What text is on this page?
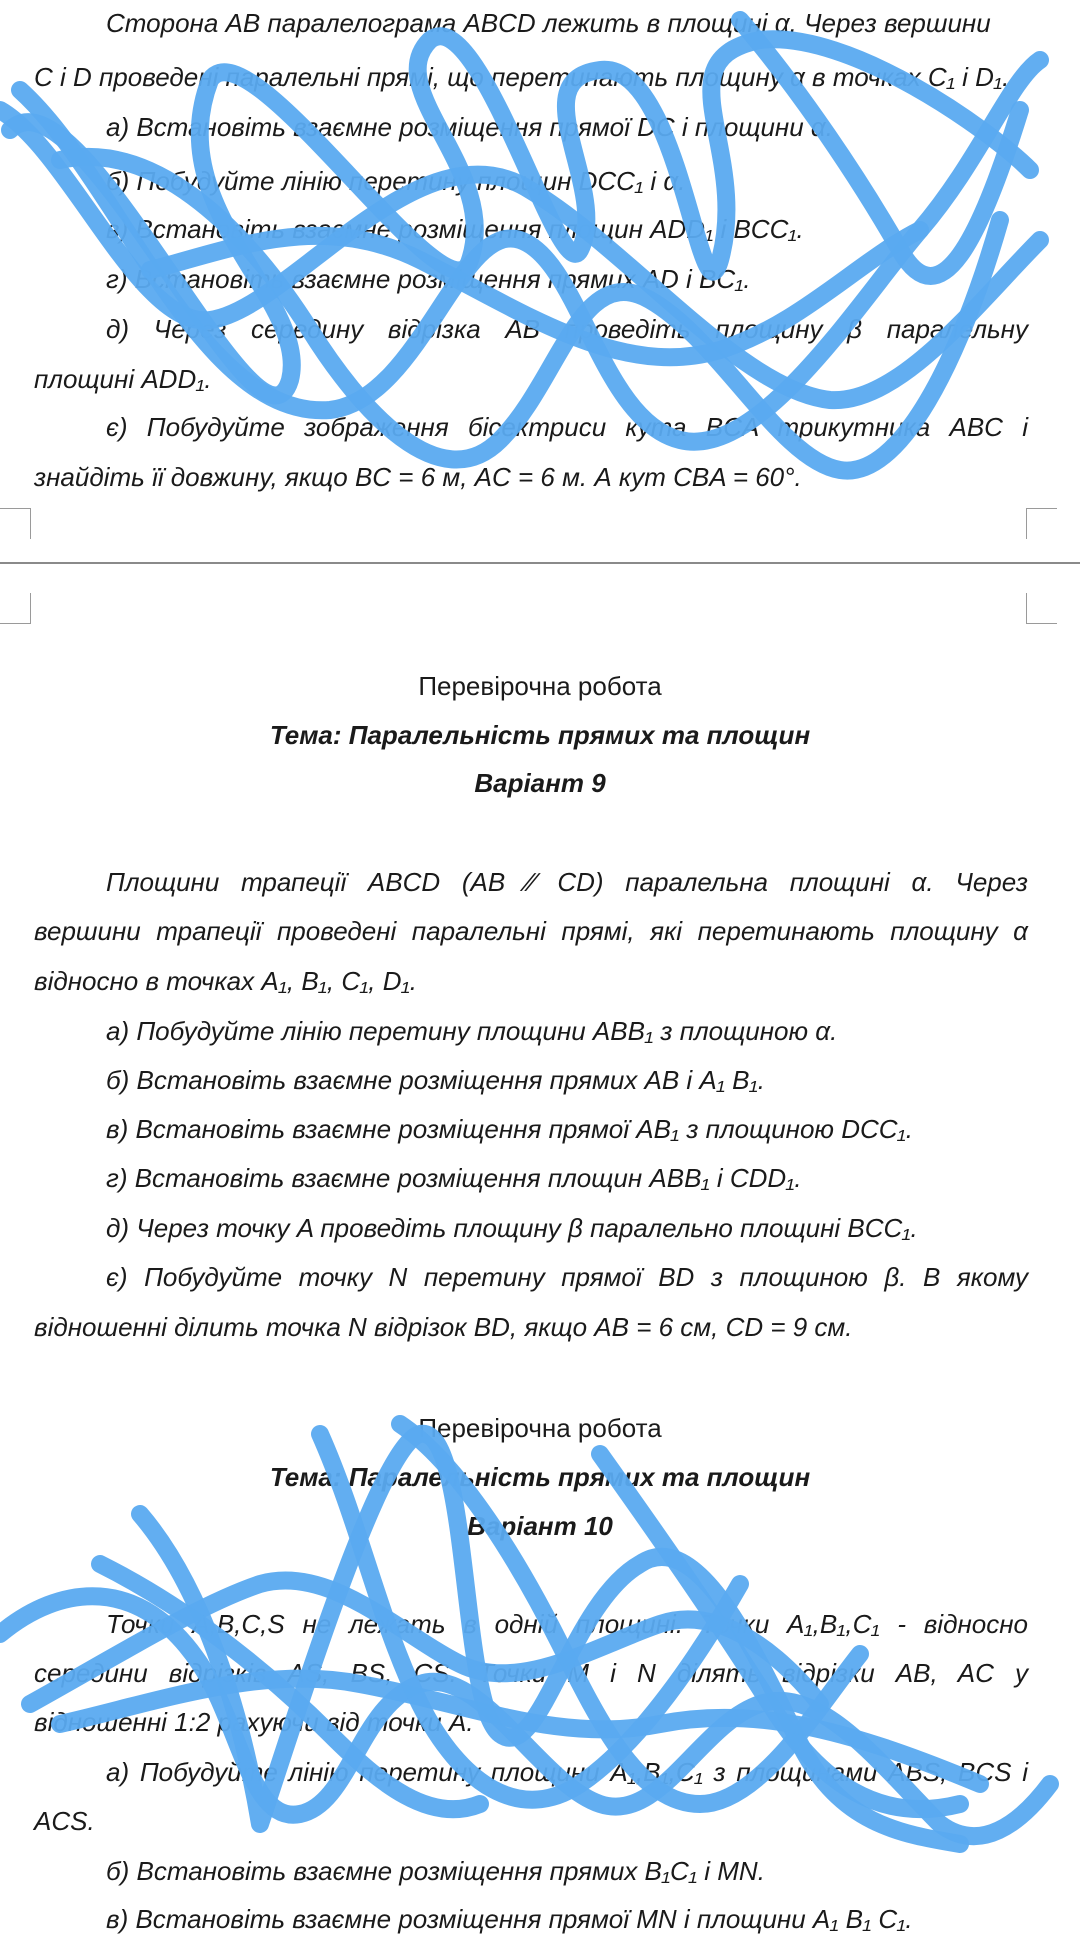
Сторона АВ паралелограма ABCD лежить в площині α. Через вершини
C і D проведені паралельні прямі, що перетинають площину α в точках C₁ і D₁.
а) Встановіть взаємне розміщення прямої DC і площини α.
б) Побудуйте лінію перетину площин DCC₁ і α.
в) Встановіть взаємне розміщення площин ADD₁ і BCC₁.
г) Встановіть взаємне розміщення прямих AD і BC₁.
д) Через середину відрізка AB проведіть площину β паралельну
площині ADD₁.
є) Побудуйте зображення бісектриси кута BCA трикутника ABC і
знайдіть її довжину, якщо BC = 6 м, AC = 6 м. А кут CBA = 60°.
Перевірочна робота
Тема: Паралельність прямих та площин
Варіант 9
Площини трапеції ABCD (AB ∕∕ CD) паралельна площині α. Через
вершини трапеції проведені паралельні прямі, які перетинають площину α
відносно в точках A₁, B₁, C₁, D₁.
а) Побудуйте лінію перетину площини ABB₁ з площиною α.
б) Встановіть взаємне розміщення прямих AB і A₁ B₁.
в) Встановіть взаємне розміщення прямої AB₁ з площиною DCC₁.
г) Встановіть взаємне розміщення площин ABB₁ і CDD₁.
д) Через точку A проведіть площину β паралельно площині BCC₁.
є) Побудуйте точку N перетину прямої BD з площиною β. В якому
відношенні ділить точка N відрізок BD, якщо AB = 6 см, CD = 9 см.
Перевірочна робота
Тема: Паралельність прямих та площин
Варіант 10
Точки A,B,C,S не лежать в одній площині. Точки A₁,B₁,C₁ - відносно
середини відрізків AS, BS, CS. Точки M і N ділять відрізки AB, AC у
відношенні 1:2 рахуючи від точки A.
а) Побудуйте лінію перетину площини A₁,B₁,C₁ з площинами ABS, BCS і
ACS.
б) Встановіть взаємне розміщення прямих B₁C₁ і MN.
в) Встановіть взаємне розміщення прямої MN і площини A₁ B₁ C₁.
